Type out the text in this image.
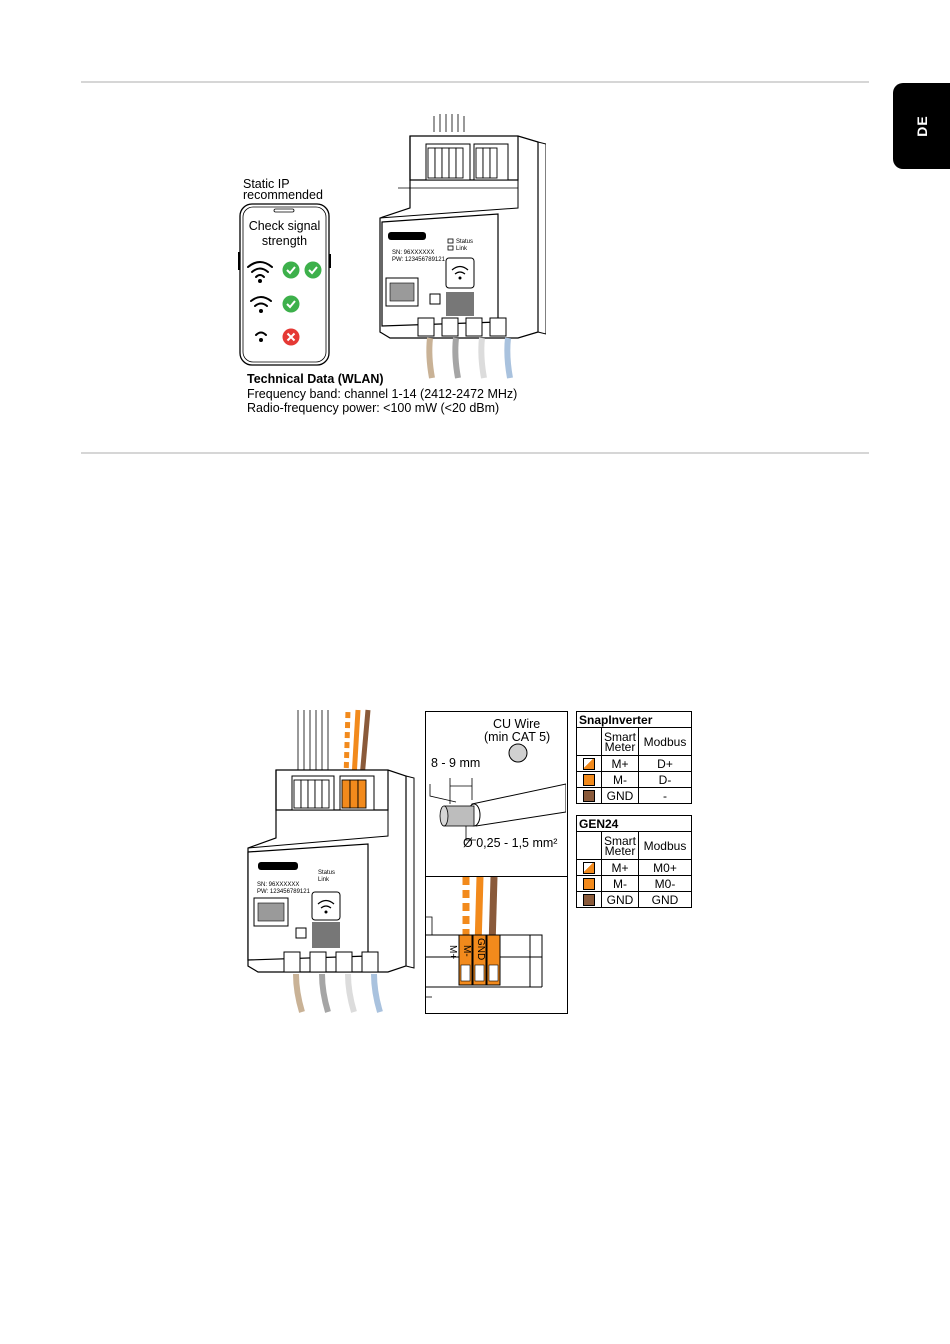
DE
Static IP
recommended
Check signal
strength
SN: 96XXXXXX
PW: 123456789121
Status
Link
Technical Data (WLAN)
Frequency band: channel 1-14 (2412-2472 MHz)
Radio-frequency power: <100 mW (<20 dBm)
SN: 96XXXXXX
PW: 123456789121
Status
Link
CU Wire
(min CAT 5)
8 - 9 mm
Ø 0,25 - 1,5 mm²
M+ M- GND
SnapInverter		
	Smart
Meter	Modbus
	M+	D+
	M-	D-
	GND	-
GEN24		
	Smart
Meter	Modbus
	M+	M0+
	M-	M0-
	GND	GND
